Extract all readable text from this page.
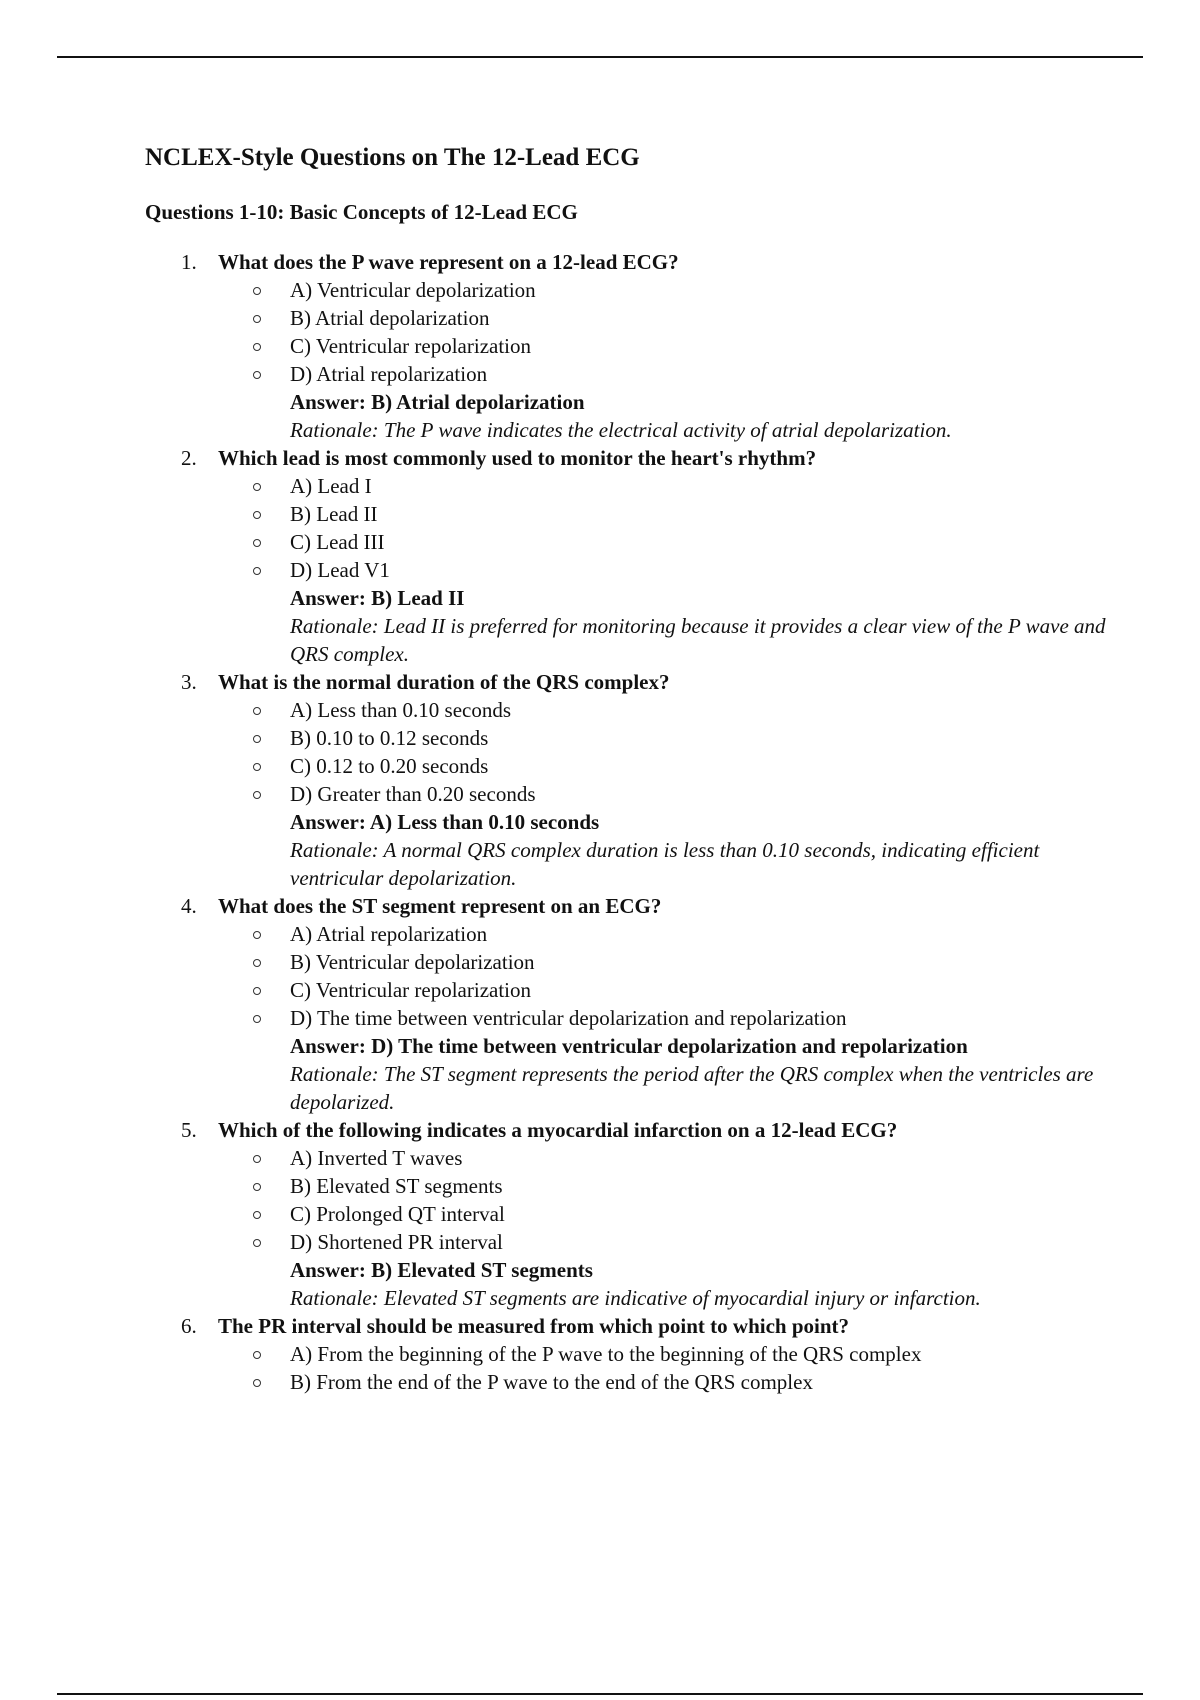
NCLEX-Style Questions on The 12-Lead ECG
Questions 1-10: Basic Concepts of 12-Lead ECG
1. What does the P wave represent on a 12-lead ECG?
A) Ventricular depolarization
B) Atrial depolarization
C) Ventricular repolarization
D) Atrial repolarization
Answer: B) Atrial depolarization
Rationale: The P wave indicates the electrical activity of atrial depolarization.
2. Which lead is most commonly used to monitor the heart's rhythm?
A) Lead I
B) Lead II
C) Lead III
D) Lead V1
Answer: B) Lead II
Rationale: Lead II is preferred for monitoring because it provides a clear view of the P wave and QRS complex.
3. What is the normal duration of the QRS complex?
A) Less than 0.10 seconds
B) 0.10 to 0.12 seconds
C) 0.12 to 0.20 seconds
D) Greater than 0.20 seconds
Answer: A) Less than 0.10 seconds
Rationale: A normal QRS complex duration is less than 0.10 seconds, indicating efficient ventricular depolarization.
4. What does the ST segment represent on an ECG?
A) Atrial repolarization
B) Ventricular depolarization
C) Ventricular repolarization
D) The time between ventricular depolarization and repolarization
Answer: D) The time between ventricular depolarization and repolarization
Rationale: The ST segment represents the period after the QRS complex when the ventricles are depolarized.
5. Which of the following indicates a myocardial infarction on a 12-lead ECG?
A) Inverted T waves
B) Elevated ST segments
C) Prolonged QT interval
D) Shortened PR interval
Answer: B) Elevated ST segments
Rationale: Elevated ST segments are indicative of myocardial injury or infarction.
6. The PR interval should be measured from which point to which point?
A) From the beginning of the P wave to the beginning of the QRS complex
B) From the end of the P wave to the end of the QRS complex
